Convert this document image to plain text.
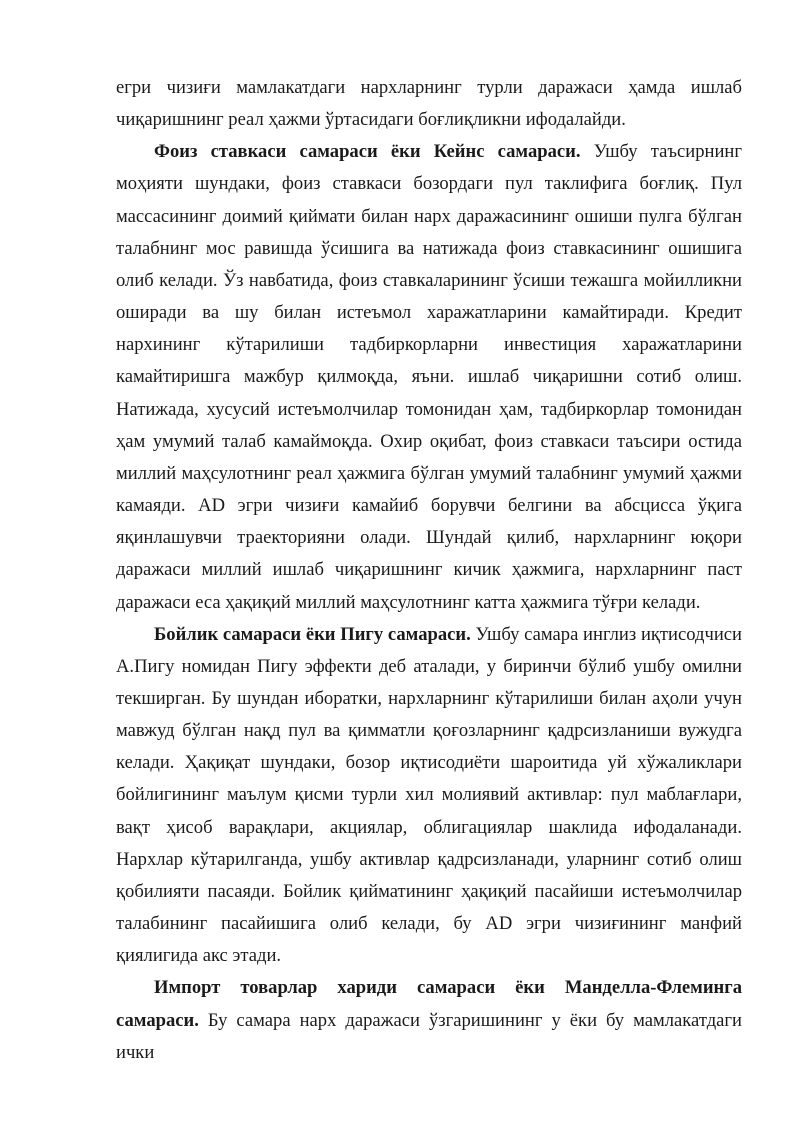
егри чизиғи мамлакатдаги нархларнинг турли даражаси ҳамда ишлаб чиқаришнинг реал ҳажми ўртасидаги боғлиқликни ифодалайди.

Фоиз ставкаси самараси ёки Кейнс самараси. Ушбу таъсирнинг моҳияти шундаки, фоиз ставкаси бозордаги пул таклифига боғлиқ. Пул массасининг доимий қиймати билан нарх даражасининг ошиши пулга бўлган талабнинг мос равишда ўсишига ва натижада фоиз ставкасининг ошишига олиб келади. Ўз навбатида, фоиз ставкаларининг ўсиши тежашга мойилликни оширади ва шу билан истеъмол харажатларини камайтиради. Кредит нархининг кўтарилиши тадбиркорларни инвестиция харажатларини камайтиришга мажбур қилмоқда, яъни. ишлаб чиқаришни сотиб олиш. Натижада, хусусий истеъмолчилар томонидан ҳам, тадбиркорлар томонидан ҳам умумий талаб камаймоқда. Охир оқибат, фоиз ставкаси таъсири остида миллий маҳсулотнинг реал ҳажмига бўлган умумий талабнинг умумий ҳажми камаяди. AD эгри чизиғи камайиб борувчи белгини ва абсцисса ўқига яқинлашувчи траекторияни олади. Шундай қилиб, нархларнинг юқори даражаси миллий ишлаб чиқаришнинг кичик ҳажмига, нархларнинг паст даражаси еса ҳақиқий миллий маҳсулотнинг катта ҳажмига тўғри келади.

Бойлик самараси ёки Пигу самараси. Ушбу самара инглиз иқтисодчиси А.Пигу номидан Пигу эффекти деб аталади, у биринчи бўлиб ушбу омилни текширган. Бу шундан иборатки, нархларнинг кўтарилиши билан аҳоли учун мавжуд бўлган нақд пул ва қимматли қоғозларнинг қадрсизланиши вужудга келади. Ҳақиқат шундаки, бозор иқтисодиёти шароитида уй хўжаликлари бойлигининг маълум қисми турли хил молиявий активлар: пул маблағлари, вақт ҳисоб варақлари, акциялар, облигациялар шаклида ифодаланади. Нархлар кўтарилганда, ушбу активлар қадрсизланади, уларнинг сотиб олиш қобилияти пасаяди. Бойлик қийматининг ҳақиқий пасайиши истеъмолчилар талабининг пасайишига олиб келади, бу AD эгри чизиғининг манфий қиялигида акс этади.

Импорт товарлар хариди самараси ёки Манделла-Флеминга самараси. Бу самара нарх даражаси ўзгаришининг у ёки бу мамлакатдаги ички
